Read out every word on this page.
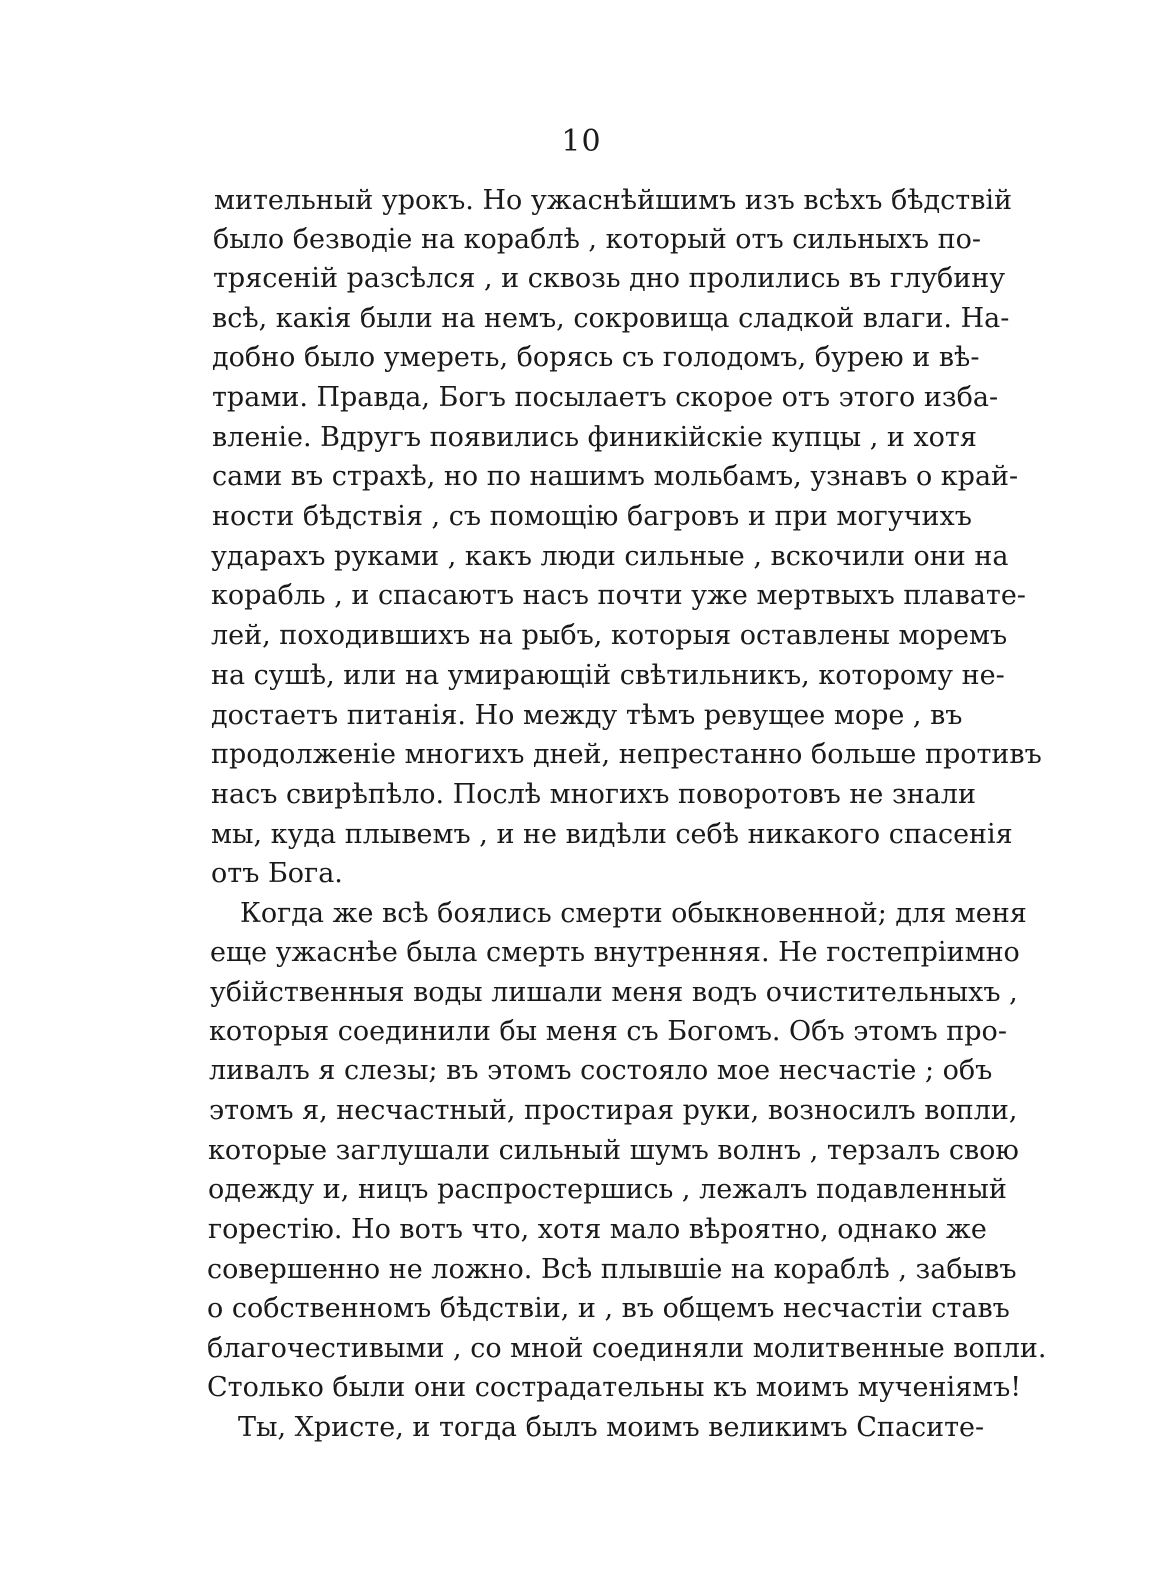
10
мительный урокъ. Но ужаснѣйшимъ изъ всѣхъ бѣдствій
было безводіе на кораблѣ , который отъ сильныхъ по-
трясеній разсѣлся , и сквозь дно пролились въ глубину
всѣ, какія были на немъ, сокровища сладкой влаги. На-
добно было умереть, борясь съ голодомъ, бурею и вѣ-
трами. Правда, Богъ посылаетъ скорое отъ этого изба-
вленіе. Вдругъ появились финикійскіе купцы , и хотя
сами въ страхѣ, но по нашимъ мольбамъ, узнавъ о край-
ности бѣдствія , съ помощію багровъ и при могучихъ
ударахъ руками , какъ люди сильные , вскочили они на
корабль , и спасаютъ насъ почти уже мертвыхъ плавате-
лей, походившихъ на рыбъ, которыя оставлены моремъ
на сушѣ, или на умирающій свѣтильникъ, которому не-
достаетъ питанія. Но между тѣмъ ревущее море , въ
продолженіе многихъ дней, непрестанно больше противъ
насъ свирѣпѣло. Послѣ многихъ поворотовъ не знали
мы, куда плывемъ , и не видѣли себѣ никакого спасенія
отъ Бога.
Когда же всѣ боялись смерти обыкновенной; для меня
еще ужаснѣе была смерть внутренняя. Не гостепріимно
убійственныя воды лишали меня водъ очистительныхъ ,
которыя соединили бы меня съ Богомъ. Объ этомъ про-
ливалъ я слезы; въ этомъ состояло мое несчастіе ; объ
этомъ я, несчастный, простирая руки, возносилъ вопли,
которые заглушали сильный шумъ волнъ , терзалъ свою
одежду и, ницъ распростершись , лежалъ подавленный
горестію. Но вотъ что, хотя мало вѣроятно, однако же
совершенно не ложно. Всѣ плывшіе на кораблѣ , забывъ
о собственномъ бѣдствіи, и , въ общемъ несчастіи ставъ
благочестивыми , со мной соединяли молитвенные вопли.
Столько были они сострадательны къ моимъ мученіямъ!
Ты, Христе, и тогда былъ моимъ великимъ Спасите-
